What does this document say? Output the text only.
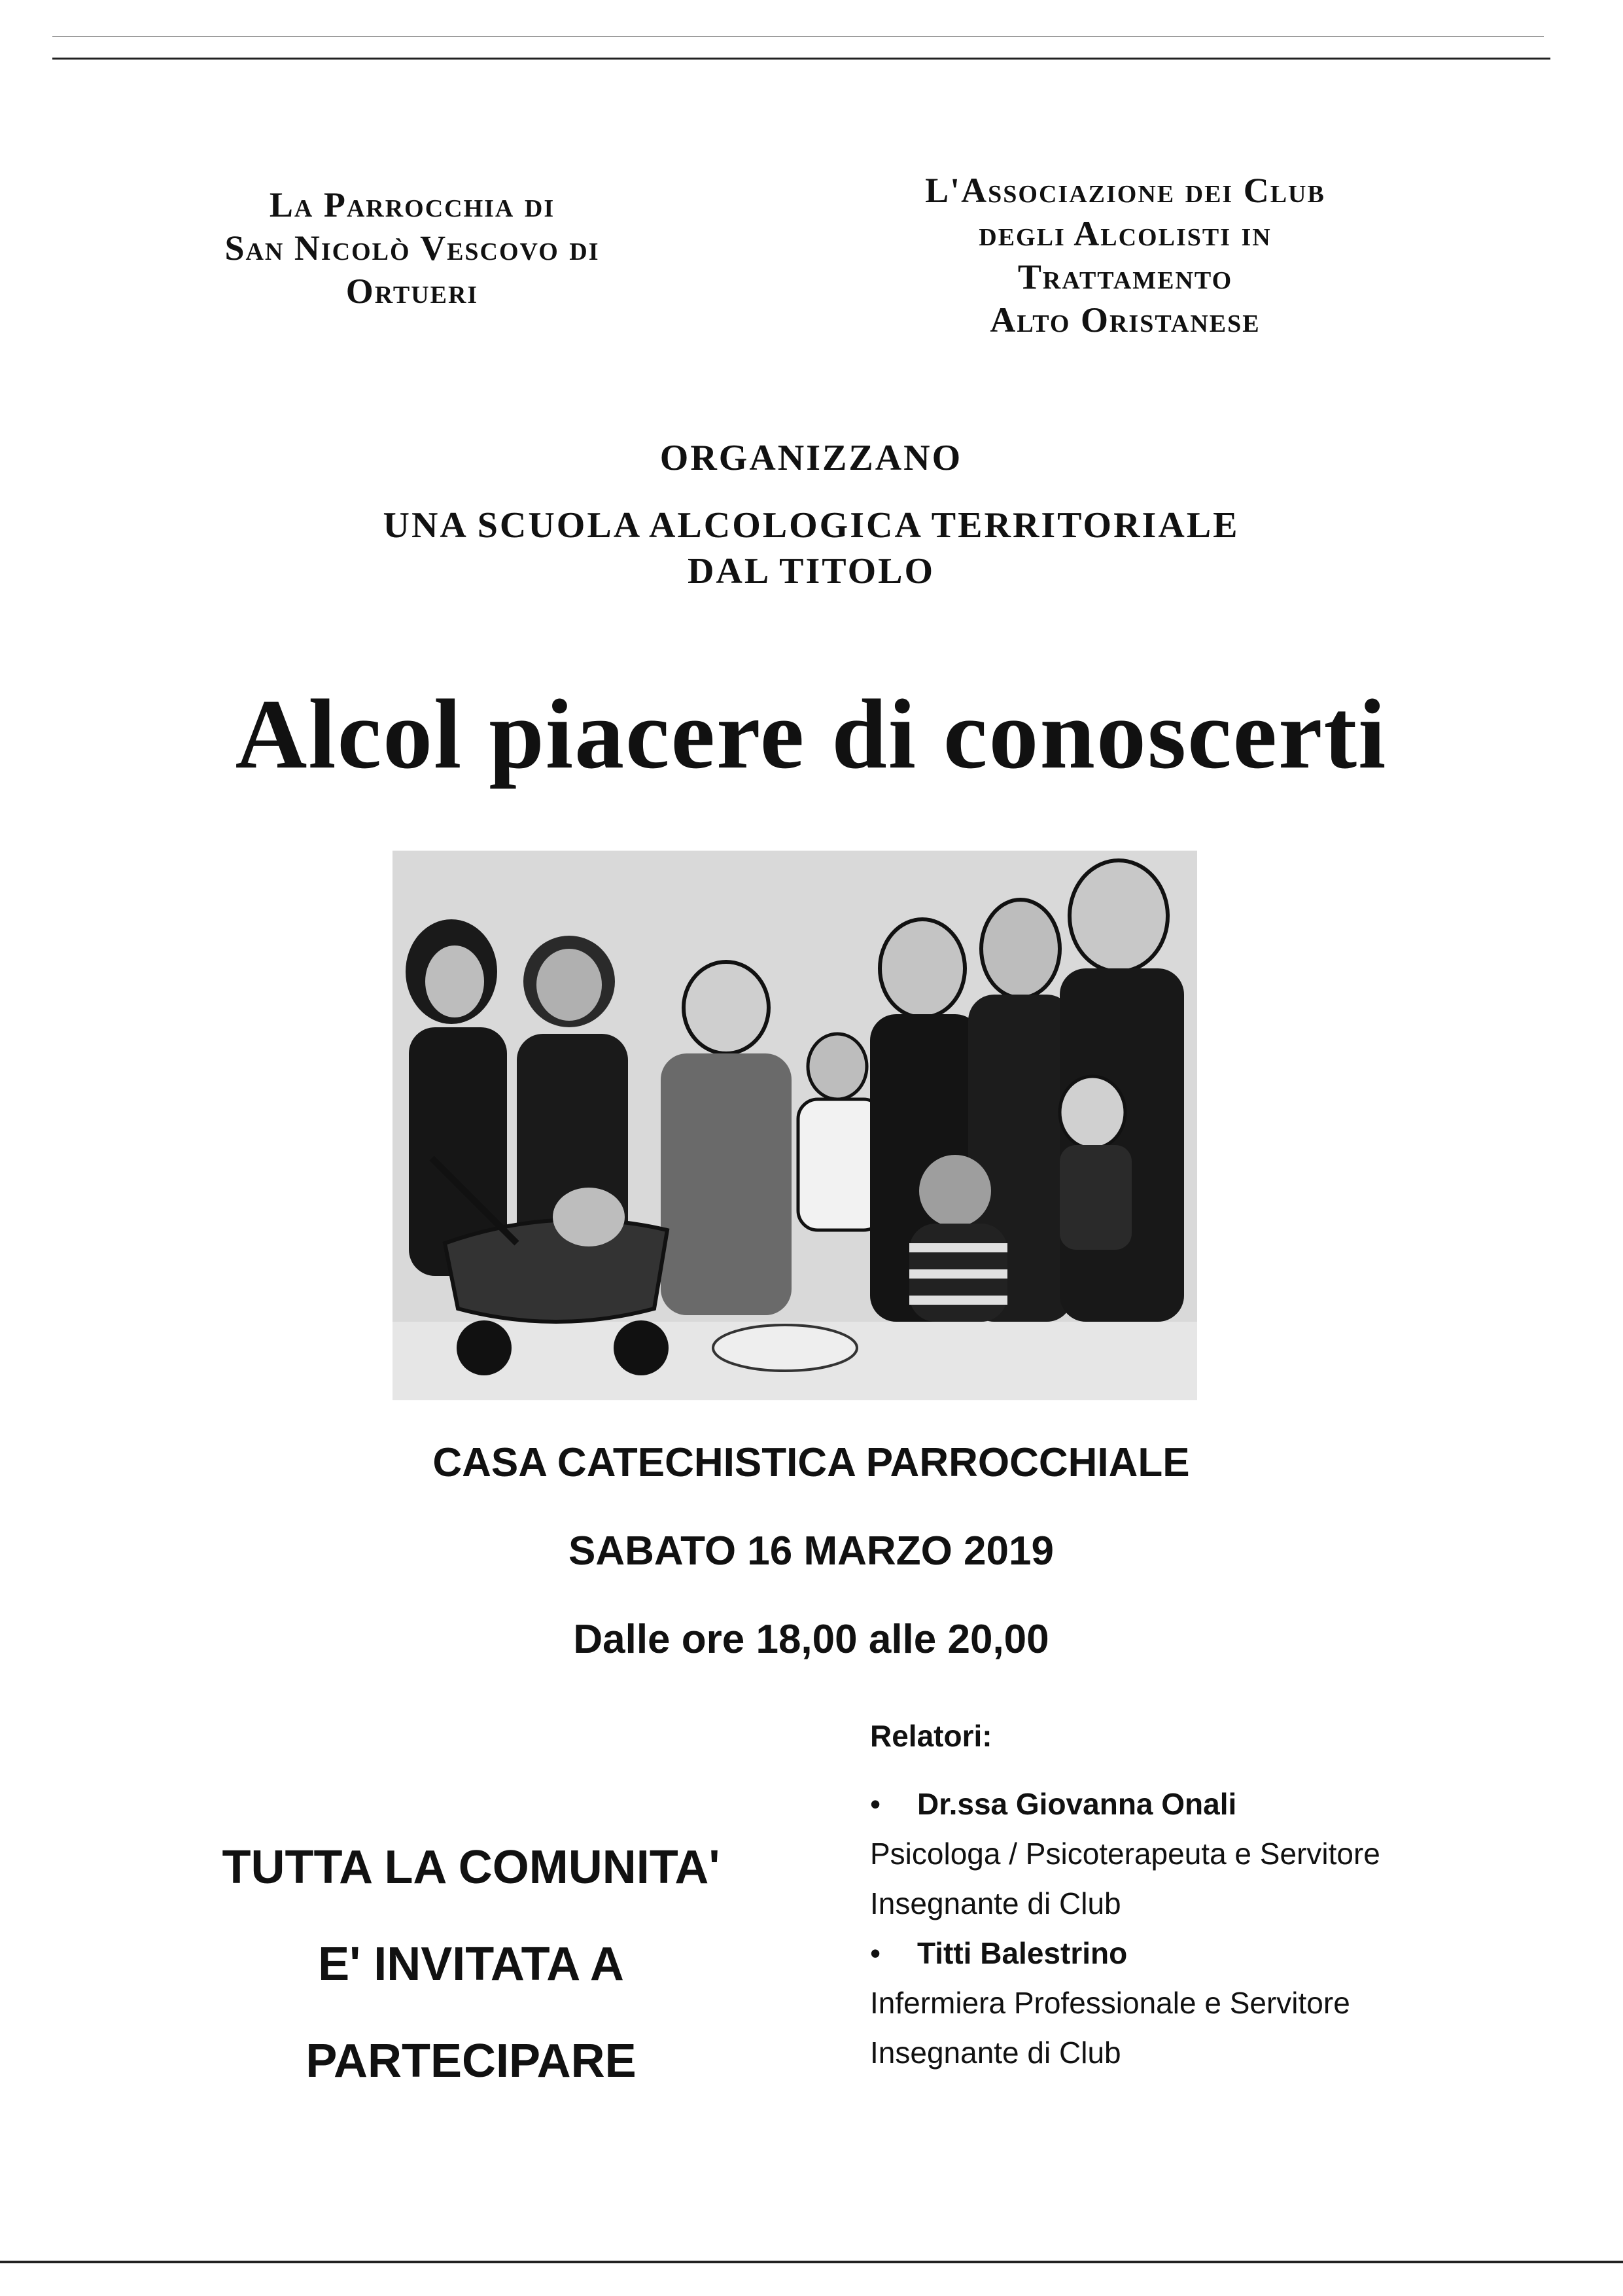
La Parrocchia di
San Nicolò Vescovo di
Ortueri
L'Associazione dei Club
degli Alcolisti in
Trattamento
Alto Oristanese
ORGANIZZANO
UNA SCUOLA ALCOLOGICA TERRITORIALE
DAL TITOLO
Alcol piacere di conoscerti
CASA CATECHISTICA PARROCCHIALE
SABATO 16 MARZO 2019
Dalle ore 18,00 alle 20,00
TUTTA LA COMUNITA'
E' INVITATA A
PARTECIPARE
Relatori:
• Dr.ssa Giovanna Onali
Psicologa / Psicoterapeuta e Servitore
Insegnante di Club
• Titti Balestrino
Infermiera Professionale e Servitore
Insegnante di Club
